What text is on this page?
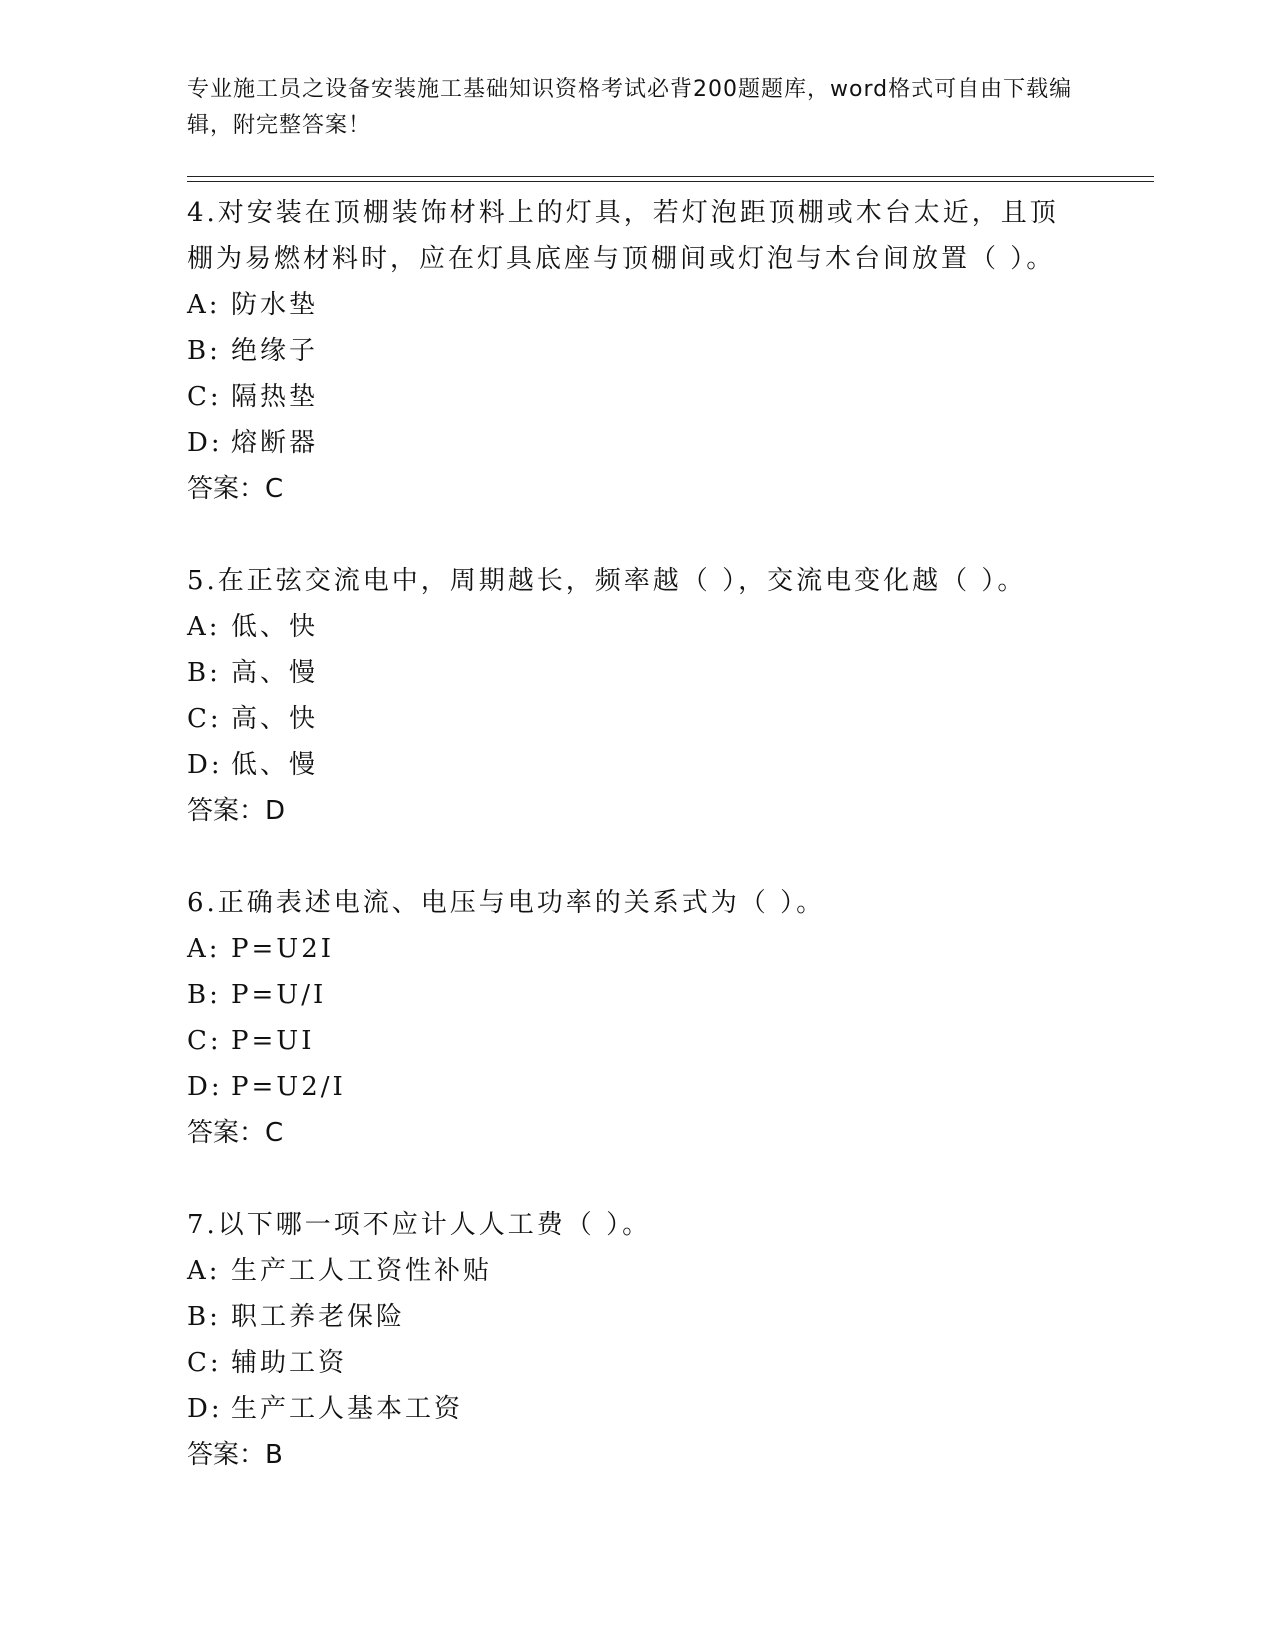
专业施工员之设备安装施工基础知识资格考试必背200题题库，word格式可自由下载编辑，附完整答案！
4.对安装在顶棚装饰材料上的灯具，若灯泡距顶棚或木台太近，且顶棚为易燃材料时，应在灯具底座与顶棚间或灯泡与木台间放置（ ）。
A: 防水垫
B: 绝缘子
C: 隔热垫
D: 熔断器
答案：C
5.在正弦交流电中，周期越长，频率越（ ），交流电变化越（ ）。
A: 低、快
B: 高、慢
C: 高、快
D: 低、慢
答案：D
6.正确表述电流、电压与电功率的关系式为（ ）。
A: P=U2I
B: P=U/I
C: P=UI
D: P=U2/I
答案：C
7.以下哪一项不应计人人工费（ ）。
A: 生产工人工资性补贴
B: 职工养老保险
C: 辅助工资
D: 生产工人基本工资
答案：B
